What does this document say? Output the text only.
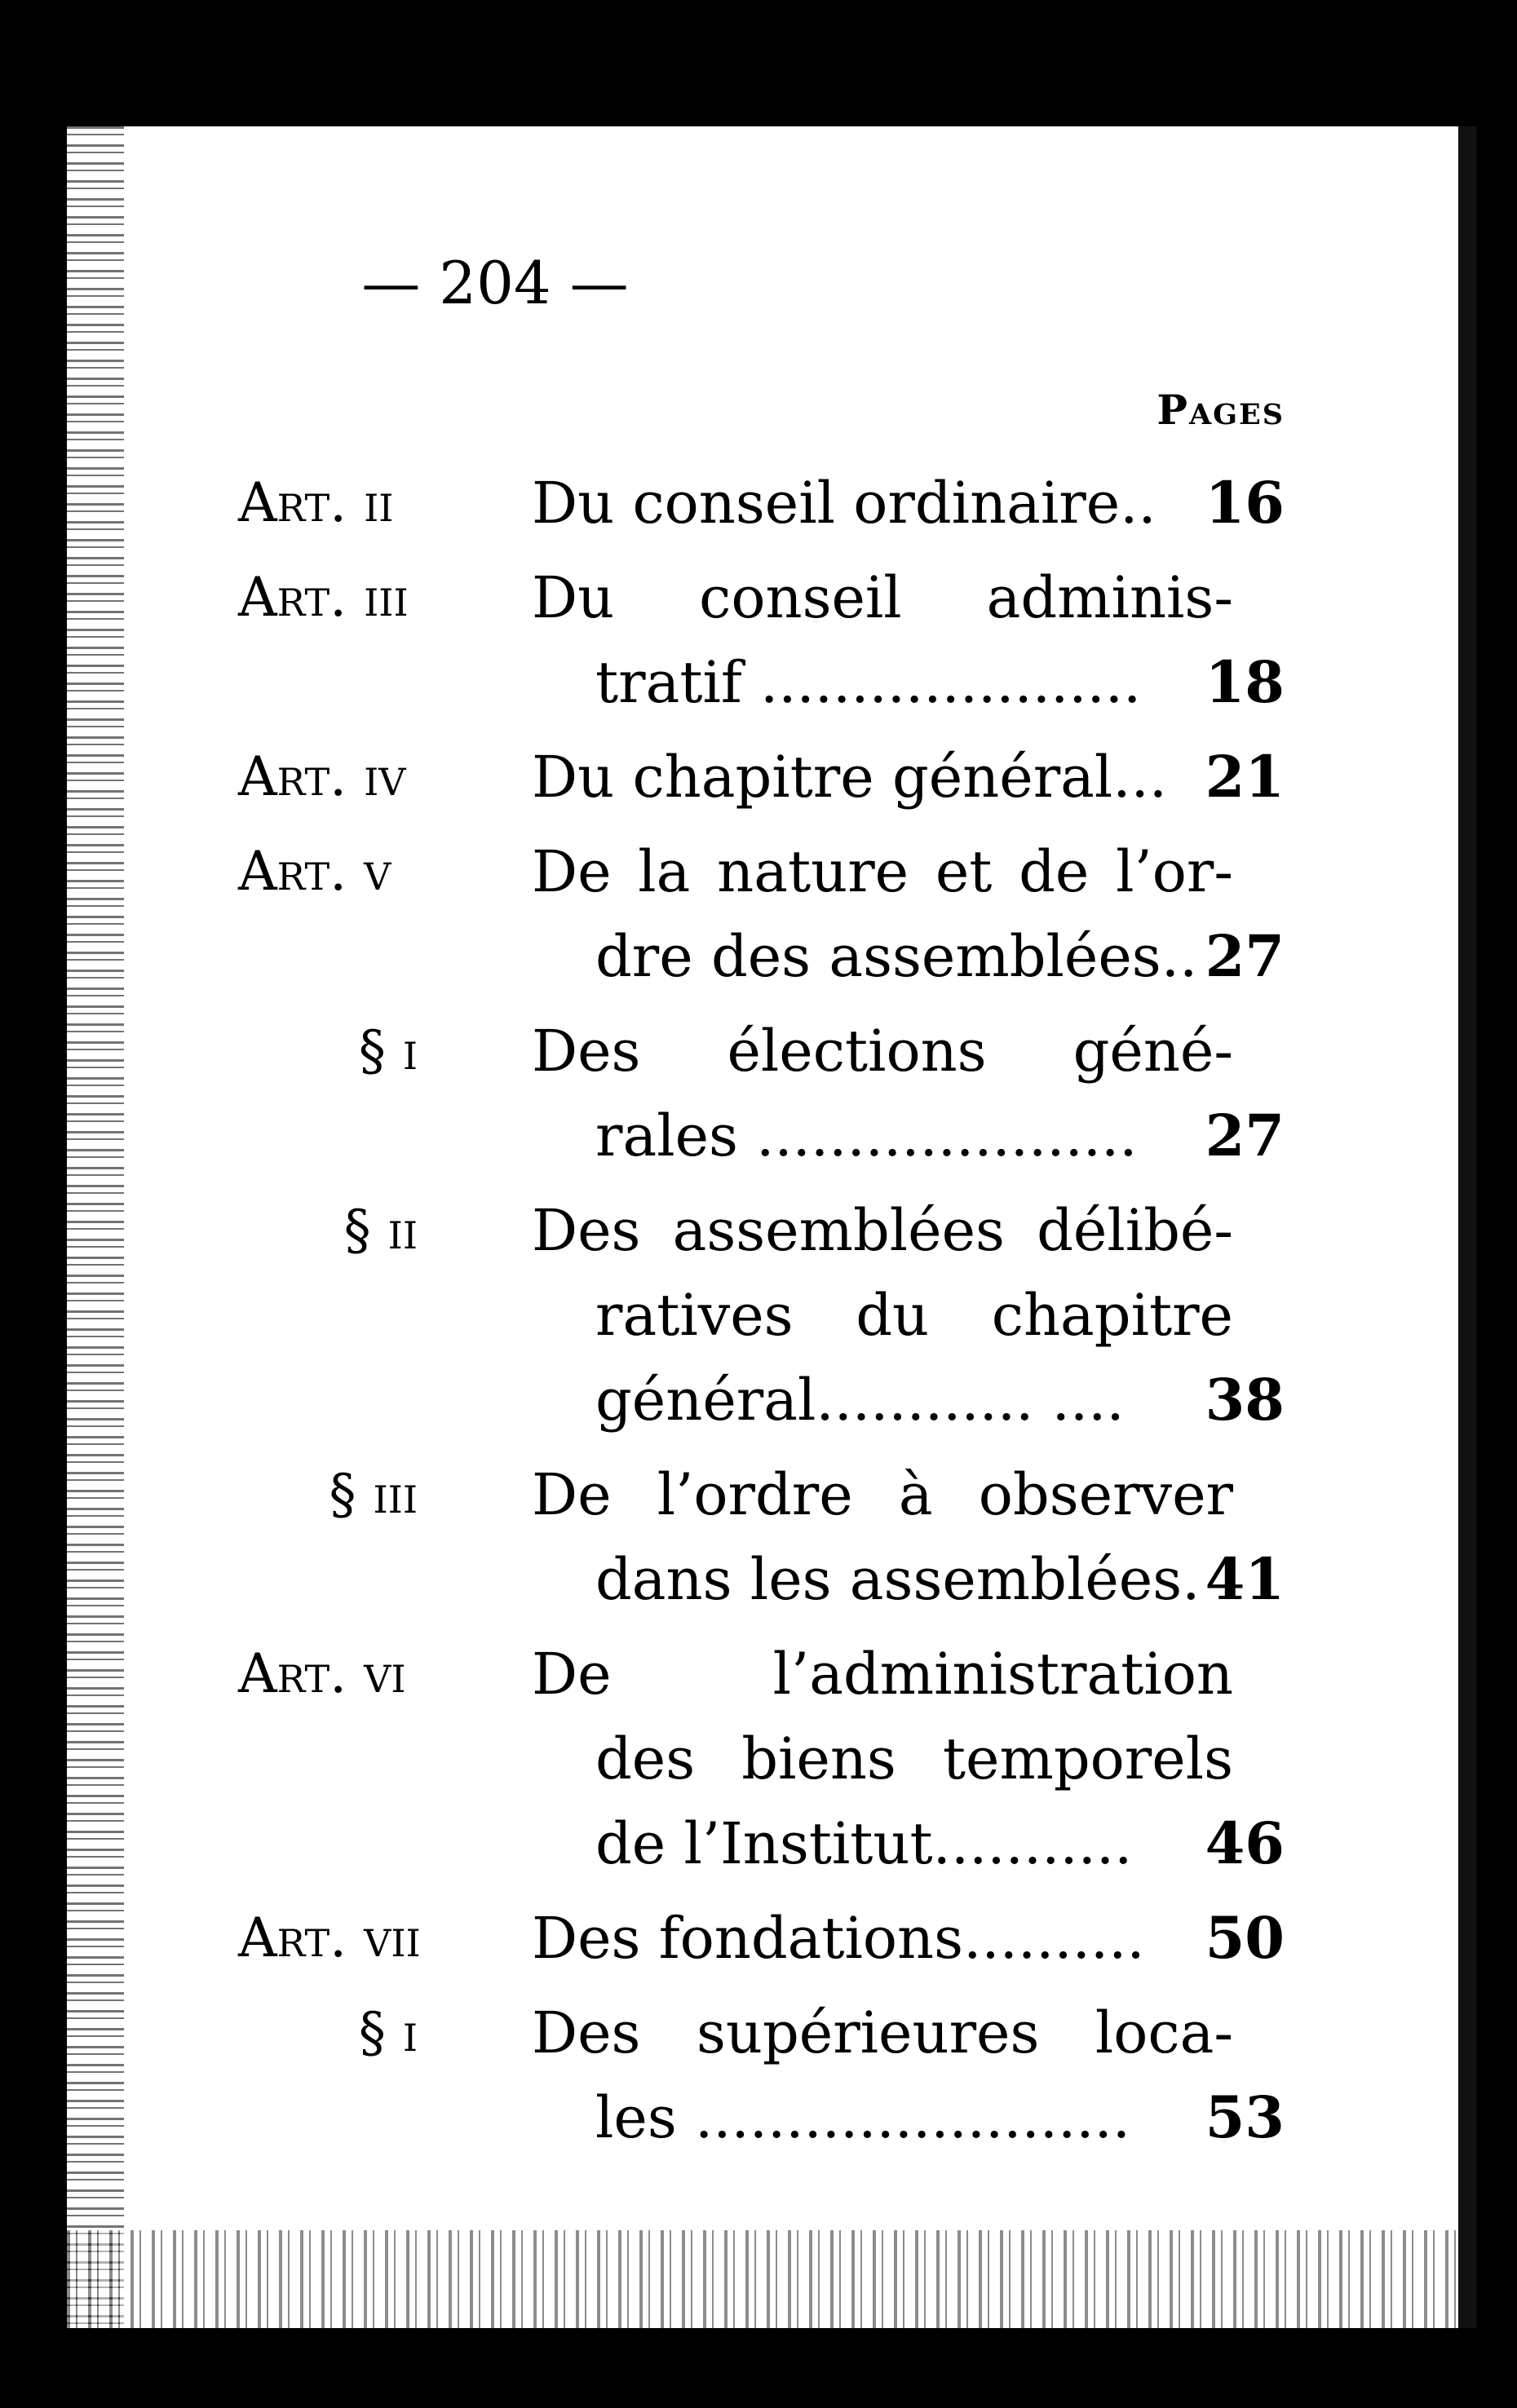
— 204 —
Pages
Art. ii	Du conseil ordinaire.. 16
Art. iii	Du conseil adminis-
tratif .....................	18
Art. iv	Du chapitre général... 21
Art. v	De la nature et de l’or-
dre des assemblées.. 27
§ i Des élections géné-
rales .....................	27
§ ii Des assemblées délibé-
ratives du chapitre
général............ ....	38
§ iii De l’ordre à observer
dans les assemblées. 41
Art. vi	De l’administration
des biens temporels
de l’Institut...........	46
Art. vii	Des fondations..........	50
§ i Des supérieures loca-
les ........................	53
